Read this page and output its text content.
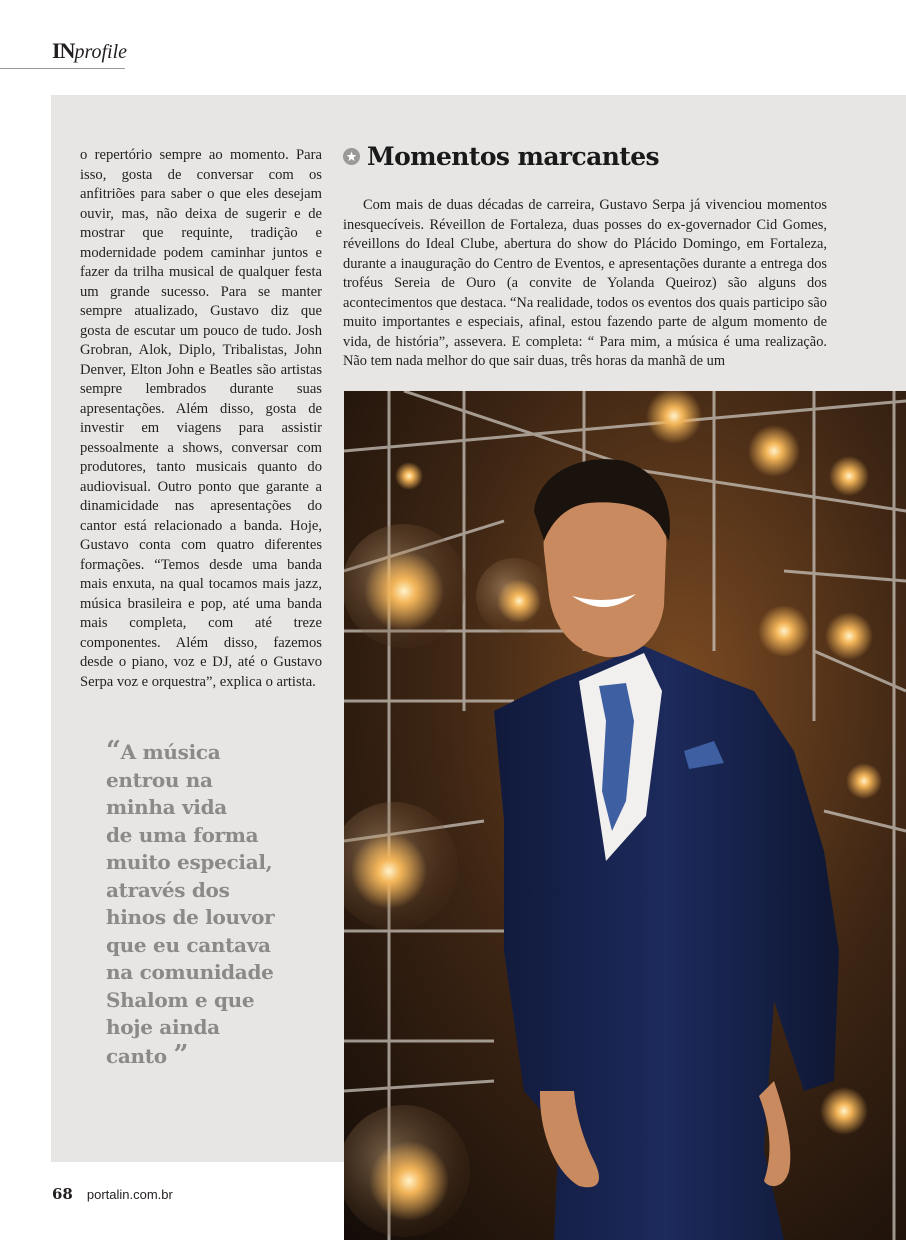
INprofile
o repertório sempre ao momento. Para isso, gosta de conversar com os anfitriões para saber o que eles desejam ouvir, mas, não deixa de sugerir e de mostrar que requinte, tradição e modernidade podem caminhar juntos e fazer da trilha musical de qualquer festa um grande sucesso. Para se manter sempre atualizado, Gustavo diz que gosta de escutar um pouco de tudo. Josh Grobran, Alok, Diplo, Tribalistas, John Denver, Elton John e Beatles são artistas sempre lembrados durante suas apresentações. Além disso, gosta de investir em viagens para assistir pessoalmente a shows, conversar com produtores, tanto musicais quanto do audiovisual. Outro ponto que garante a dinamicidade nas apresentações do cantor está relacionado a banda. Hoje, Gustavo conta com quatro diferentes formações. “Temos desde uma banda mais enxuta, na qual tocamos mais jazz, música brasileira e pop, até uma banda mais completa, com até treze componentes. Além disso, fazemos desde o piano, voz e DJ, até o Gustavo Serpa voz e orquestra”, explica o artista.
“A música
entrou na
minha vida
de uma forma
muito especial,
através dos
hinos de louvor
que eu cantava
na comunidade
Shalom e que
hoje ainda
canto ”
Momentos marcantes

Com mais de duas décadas de carreira, Gustavo Serpa já vivenciou momentos inesquecíveis. Réveillon de Fortaleza, duas posses do ex-governador Cid Gomes, réveillons do Ideal Clube, abertura do show do Plácido Domingo, em Fortaleza, durante a inauguração do Centro de Eventos, e apresentações durante a entrega dos troféus Sereia de Ouro (a convite de Yolanda Queiroz) são alguns dos acontecimentos que destaca. “Na realidade, todos os eventos dos quais participo são muito importantes e especiais, afinal, estou fazendo parte de algum momento de vida, de história”, assevera. E completa: “ Para mim, a música é uma realização. Não tem nada melhor do que sair duas, três horas da manhã de um

68 portalin.com.br
